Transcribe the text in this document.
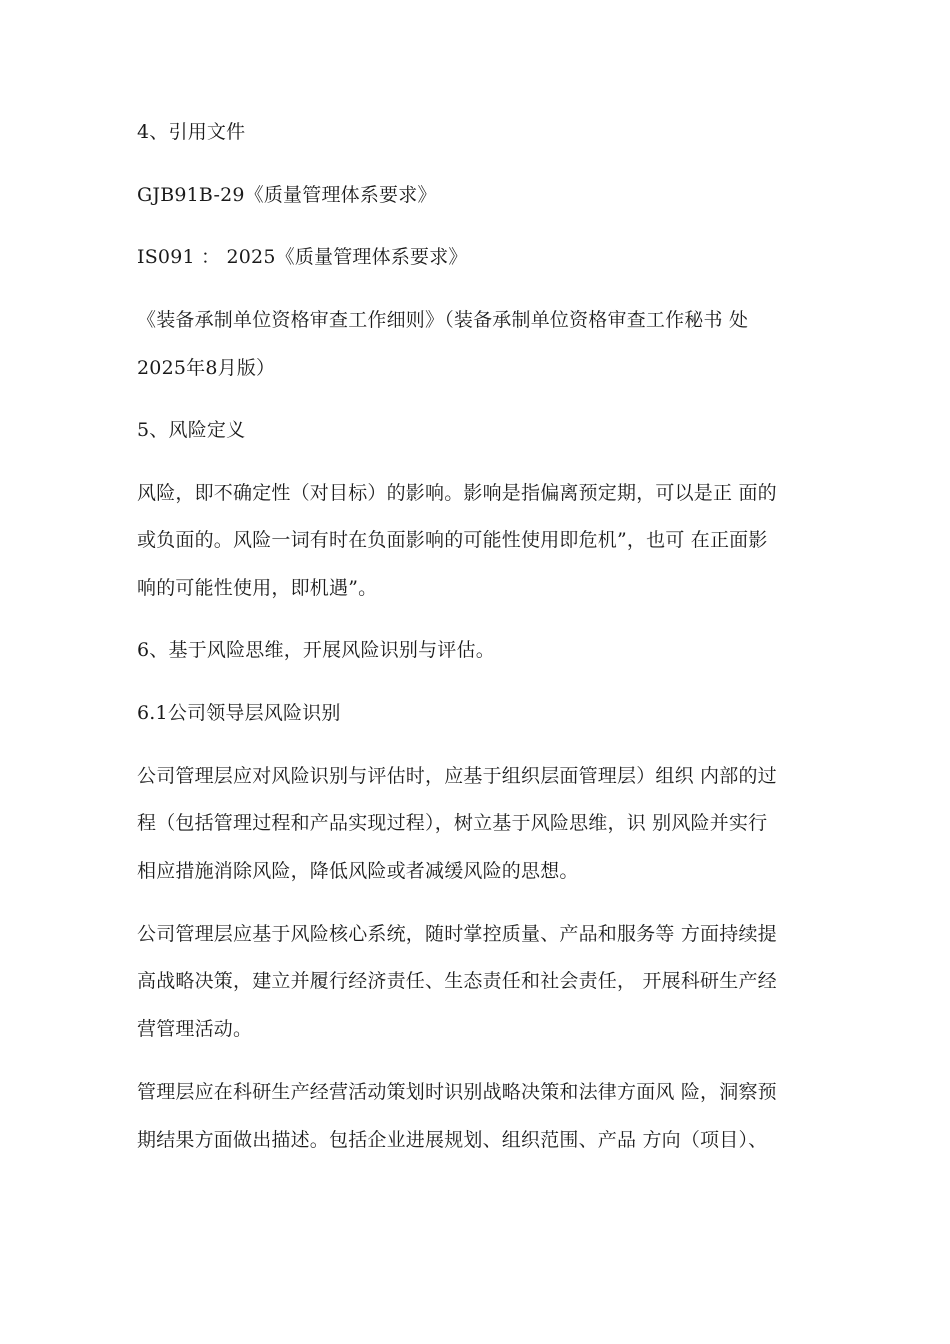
4、引用文件
GJB91B-29《质量管理体系要求》
IS091 ： 2025《质量管理体系要求》
《装备承制单位资格审查工作细则》（装备承制单位资格审查工作秘书 处
2025年8月版）
5、风险定义
风险，即不确定性（对目标）的影响。影响是指偏离预定期，可以是正 面的
或负面的。风险一词有时在负面影响的可能性使用即危机”，也可 在正面影
响的可能性使用，即机遇”。
6、基于风险思维，开展风险识别与评估。
6.1公司领导层风险识别
公司管理层应对风险识别与评估时，应基于组织层面管理层）组织 内部的过
程（包括管理过程和产品实现过程），树立基于风险思维，识 别风险并实行
相应措施消除风险，降低风险或者减缓风险的思想。
公司管理层应基于风险核心系统，随时掌控质量、产品和服务等 方面持续提
高战略决策，建立并履行经济责任、生态责任和社会责任， 开展科研生产经
营管理活动。
管理层应在科研生产经营活动策划时识别战略决策和法律方面风 险，洞察预
期结果方面做出描述。包括企业进展规划、组织范围、产品 方向（项目）、
